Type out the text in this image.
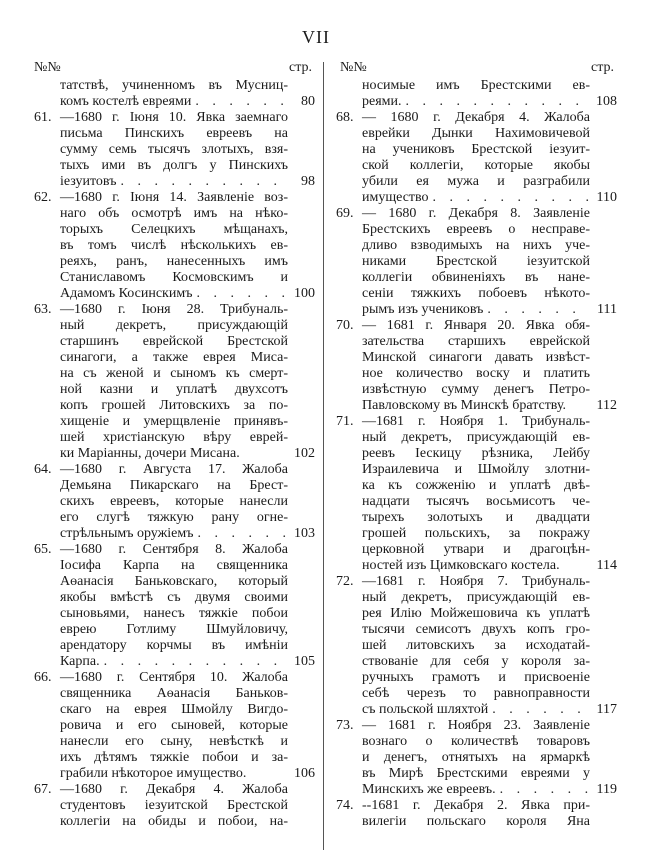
VII
№№	стр. №№	стр.
татствѣ, учиненномъ въ Мусниц-
комъ костелѣ евреями . . .	80
61. —1680 г. Іюня 10. Явка заемнаго
письма Пинскихъ евреевъ на
сумму семь тысячъ злотыхъ, взя-
тыхъ ими въ долгъ у Пинскихъ
іезуитовъ . . .	98
62. —1680 г. Іюня 14. Заявленіе воз-
наго объ осмотрѣ имъ на нѣко-
торыхъ Селецкихъ мѣщанахъ,
въ томъ числѣ нѣсколькихъ ев-
реяхъ, ранъ, нанесенныхъ имъ
Станиславомъ Космовскимъ и
Адамомъ Косинскимъ . . .	100
63. —1680 г. Іюня 28. Трибуналь-
ный декретъ, присуждающій
старшинъ еврейской Брестской
синагоги, а также еврея Миса-
на съ женой и сыномъ къ смерт-
ной казни и уплатѣ двухсотъ
копъ грошей Литовскихъ за по-
хищеніе и умерщвленіе принявъ-
шей христіанскую вѣру еврей-
ки Маріанны, дочери Мисана.	102
64. —1680 г. Августа 17. Жалоба
Демьяна Пикарскаго на Брест-
скихъ евреевъ, которые нанесли
его слугѣ тяжкую рану огне-
стрѣльнымъ оружіемъ . . .	103
65. —1680 г. Сентября 8. Жалоба
Іосифа Карпа на священника
Аѳанасія Баньковскаго, который
якобы вмѣстѣ съ двумя своими
сыновьями, нанесъ тяжкіе побои
еврею Готлиму Шмуйловичу,
арендатору корчмы въ имѣніи
Карпа. . . .	105
66. —1680 г. Сентября 10. Жалоба
священника Аѳанасія Баньков-
скаго на еврея Шмойлу Вигдо-
ровича и его сыновей, которые
нанесли его сыну, невѣсткѣ и
ихъ дѣтямъ тяжкіе побои и за-
грабили нѣкоторое имущество.	106
67. —1680 г. Декабря 4. Жалоба
студентовъ іезуитской Брестской
коллегіи на обиды и побои, на-
носимые имъ Брестскими ев-
реями. . . .	108
68. — 1680 г. Декабря 4. Жалоба
еврейки Дынки Нахимовичевой
на учениковъ Брестской іезуит-
ской коллегіи, которые якобы
убили ея мужа и разграбили
имущество . . .	110
69. — 1680 г. Декабря 8. Заявленіе
Брестскихъ евреевъ о несправе-
дливо взводимыхъ на нихъ уче-
никами Брестской іезуитской
коллегіи обвиненіяхъ въ нане-
сеніи тяжкихъ побоевъ нѣкото-
рымъ изъ учениковъ . . .	111
70. — 1681 г. Января 20. Явка обя-
зательства старшихъ еврейской
Минской синагоги давать извѣст-
ное количество воску и платить
извѣстную сумму денегъ Петро-
Павловскому въ Минскѣ братству.	112
71. —1681 г. Ноября 1. Трибуналь-
ный декретъ, присуждающій ев-
реевъ Іескицу рѣзника, Лейбу
Израилевича и Шмойлу злотни-
ка къ сожженію и уплатѣ двѣ-
надцати тысячъ восьмисотъ че-
тырехъ золотыхъ и двадцати
грошей польскихъ, за покражу
церковной утвари и драгоцѣн-
ностей изъ Цимковскаго костела.	114
72. —1681 г. Ноября 7. Трибуналь-
ный декретъ, присуждающій ев-
рея Илію Мойжешовича къ уплатѣ
тысячи семисотъ двухъ копъ гро-
шей литовскихъ за исходатай-
ствованіе для себя у короля за-
ручныхъ грамотъ и присвоеніе
себѣ черезъ то равноправности
съ польской шляхтой . . .	117
73. — 1681 г. Ноября 23. Заявленіе
вознаго о количествѣ товаровъ
и денегъ, отнятыхъ на ярмаркѣ
въ Мирѣ Брестскими евреями у
Минскихъ же евреевъ. . . .	119
74. --1681 г. Декабря 2. Явка при-
вилегіи польскаго короля Яна
